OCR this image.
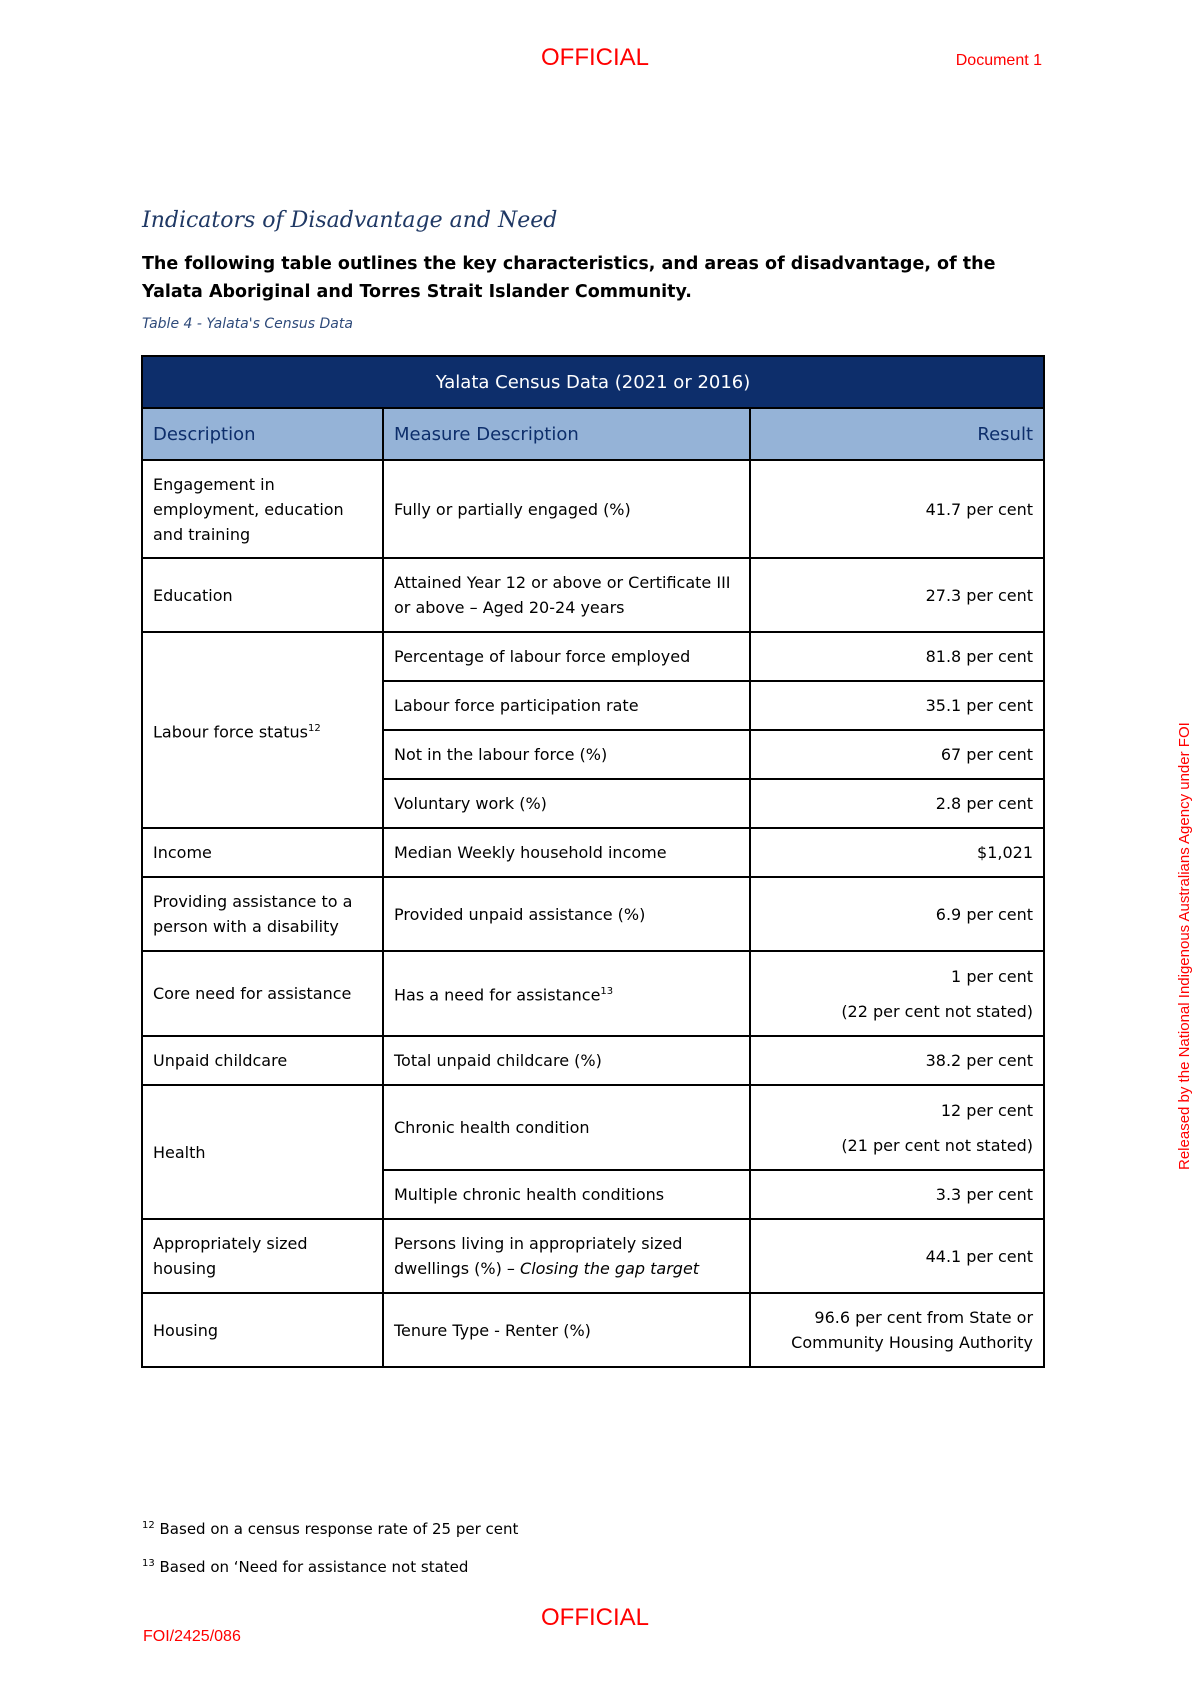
OFFICIAL	Document 1
Indicators of Disadvantage and Need
The following table outlines the key characteristics, and areas of disadvantage, of the Yalata Aboriginal and Torres Strait Islander Community.
Table 4 - Yalata's Census Data
Yalata Census Data (2021 or 2016)		
Description	Measure Description	Result
Engagement in employment, education and training	Fully or partially engaged (%)	41.7 per cent
Education	Attained Year 12 or above or Certificate III or above – Aged 20-24 years	27.3 per cent
Labour force status$^{12}$	Percentage of labour force employed	81.8 per cent
	Labour force participation rate	35.1 per cent
	Not in the labour force (%)	67 per cent
	Voluntary work (%)	2.8 per cent
Income	Median Weekly household income	$1,021
Providing assistance to a person with a disability	Provided unpaid assistance (%)	6.9 per cent
Core need for assistance	Has a need for assistance$^{13}$	1 per cent
(22 per cent not stated)

Unpaid childcare	Total unpaid childcare (%)	38.2 per cent
Health	Chronic health condition	12 per cent
(21 per cent not stated)

	Multiple chronic health conditions	3.3 per cent
Appropriately sized housing	Persons living in appropriately sized dwellings (%) – Closing the gap target	44.1 per cent
Housing	Tenure Type - Renter (%)	96.6 per cent from State or Community Housing Authority
$^{12}$ Based on a census response rate of 25 per cent
$^{13}$ Based on ‘Need for assistance not stated
OFFICIAL
FOI/2425/086
Released by the National Indigenous Australians Agency under FOI
